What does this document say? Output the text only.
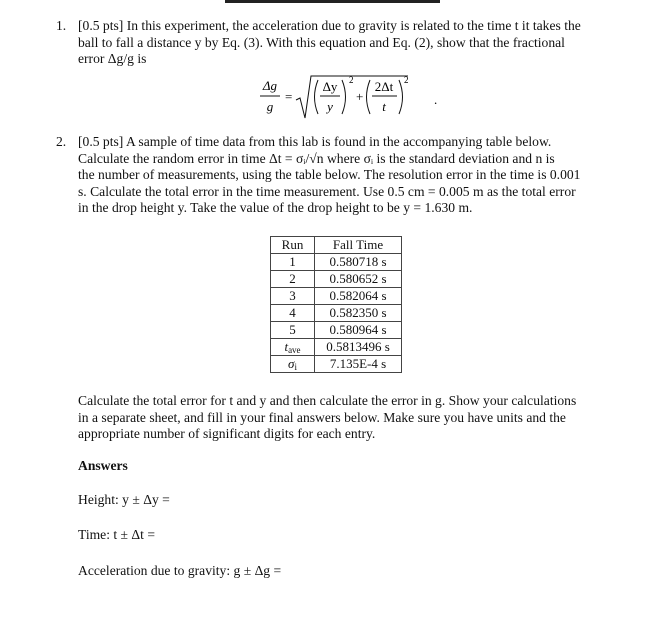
1. [0.5 pts] In this experiment, the acceleration due to gravity is related to the time t it takes the
ball to fall a distance y by Eq. (3). With this equation and Eq. (2), show that the fractional
error Δg/g is
Δg
g
=
Δy
y
2
+
2Δt
t
2
.
2. [0.5 pts] A sample of time data from this lab is found in the accompanying table below.
Calculate the random error in time Δt = σᵢ/√n where σᵢ is the standard deviation and n is
the number of measurements, using the table below. The resolution error in the time is 0.001
s. Calculate the total error in the time measurement. Use 0.5 cm = 0.005 m as the total error
in the drop height y. Take the value of the drop height to be y = 1.630 m.
Run	Fall Time
1	0.580718 s
2	0.580652 s
3	0.582064 s
4	0.582350 s
5	0.580964 s
$t_{ave}$	0.5813496 s
$\sigma_i$	7.135E-4 s
Calculate the total error for t and y and then calculate the error in g. Show your calculations
in a separate sheet, and fill in your final answers below. Make sure you have units and the
appropriate number of significant digits for each entry.
Answers
Height: y ± Δy =
Time: t ± Δt =
Acceleration due to gravity: g ± Δg =
